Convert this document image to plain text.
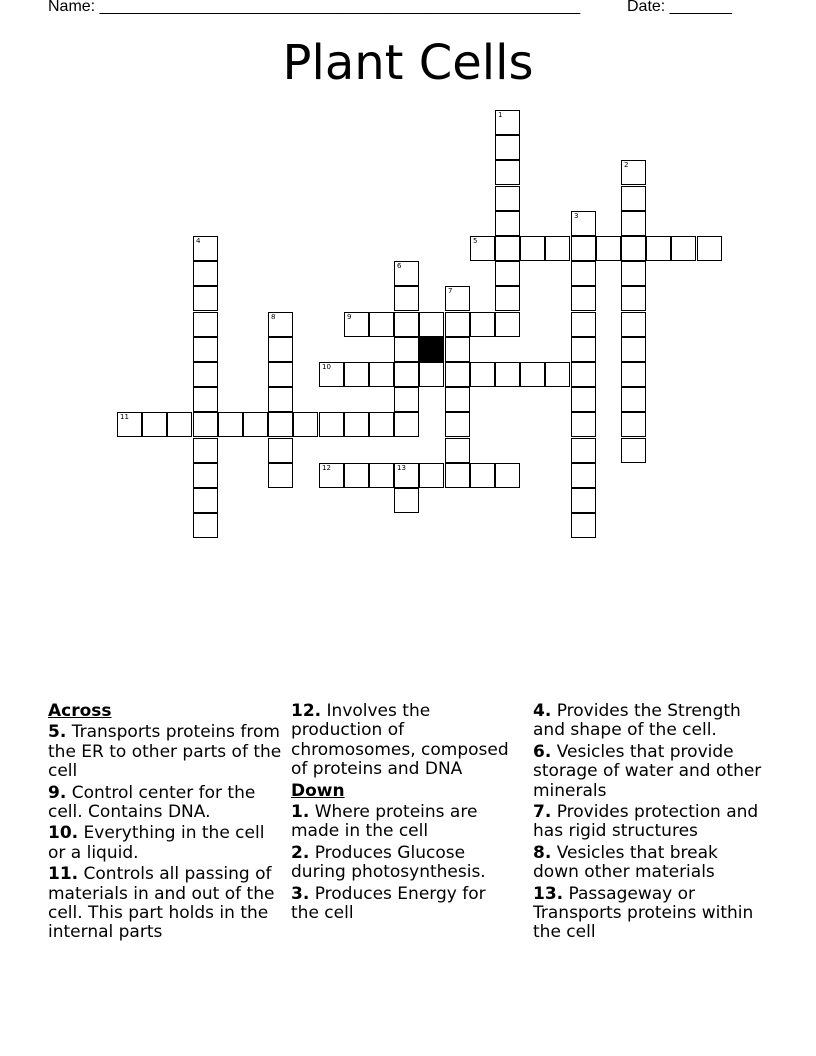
Name: ______________________________________________________	Date: _______
Plant Cells
1
2
3
4	5
6
7
8	9
10
11
12	13
Across
5. Transports proteins from the ER to other parts of the cell
9. Control center for the cell. Contains DNA.
10. Everything in the cell or a liquid.
11. Controls all passing of materials in and out of the cell. This part holds in the internal parts
12. Involves the production of chromosomes, composed of proteins and DNA
Down
1. Where proteins are made in the cell
2. Produces Glucose during photosynthesis.
3. Produces Energy for the cell
4. Provides the Strength and shape of the cell.
6. Vesicles that provide storage of water and other minerals
7. Provides protection and has rigid structures
8. Vesicles that break down other materials
13. Passageway or Transports proteins within the cell
